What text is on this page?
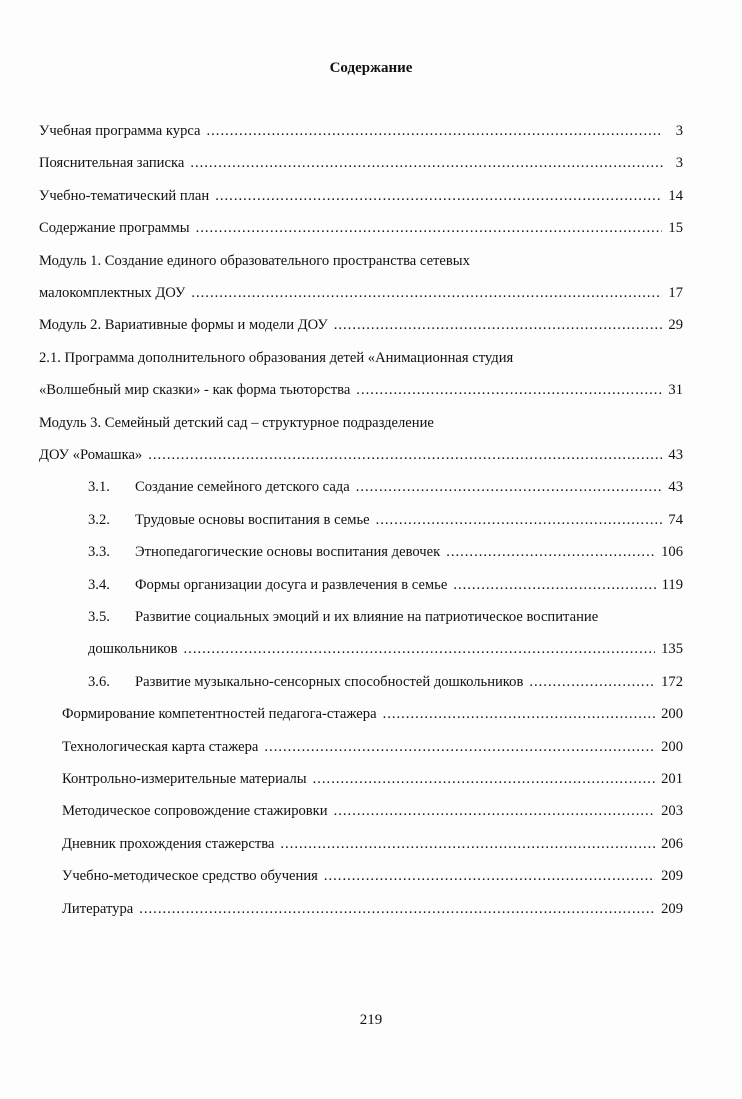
Содержание
Учебная программа курса .....	3
Пояснительная записка .....	3
Учебно-тематический план .....	14
Содержание программы .....	15
Модуль 1. Создание единого образовательного пространства сетевых
малокомплектных ДОУ .....	17
Модуль 2. Вариативные формы и модели ДОУ .....	29
2.1. Программа дополнительного образования детей «Анимационная студия
«Волшебный мир сказки» - как форма тьюторства .....	31
Модуль 3. Семейный детский сад – структурное подразделение
ДОУ «Ромашка» .....	43
3.1.	Создание семейного детского сада .....	43
3.2.	Трудовые основы воспитания в семье .....	74
3.3.	Этнопедагогические основы воспитания девочек .....	106
3.4.	Формы организации досуга и развлечения в семье .....	119
3.5.	Развитие социальных эмоций и их влияние на патриотическое воспитание
дошкольников .....	135
3.6.	Развитие музыкально-сенсорных способностей дошкольников .....	172
Формирование компетентностей педагога-стажера .....	200
Технологическая карта стажера .....	200
Контрольно-измерительные материалы .....	201
Методическое сопровождение стажировки .....	203
Дневник прохождения стажерства .....	206
Учебно-методическое средство обучения .....	209
Литература .....	209
219
